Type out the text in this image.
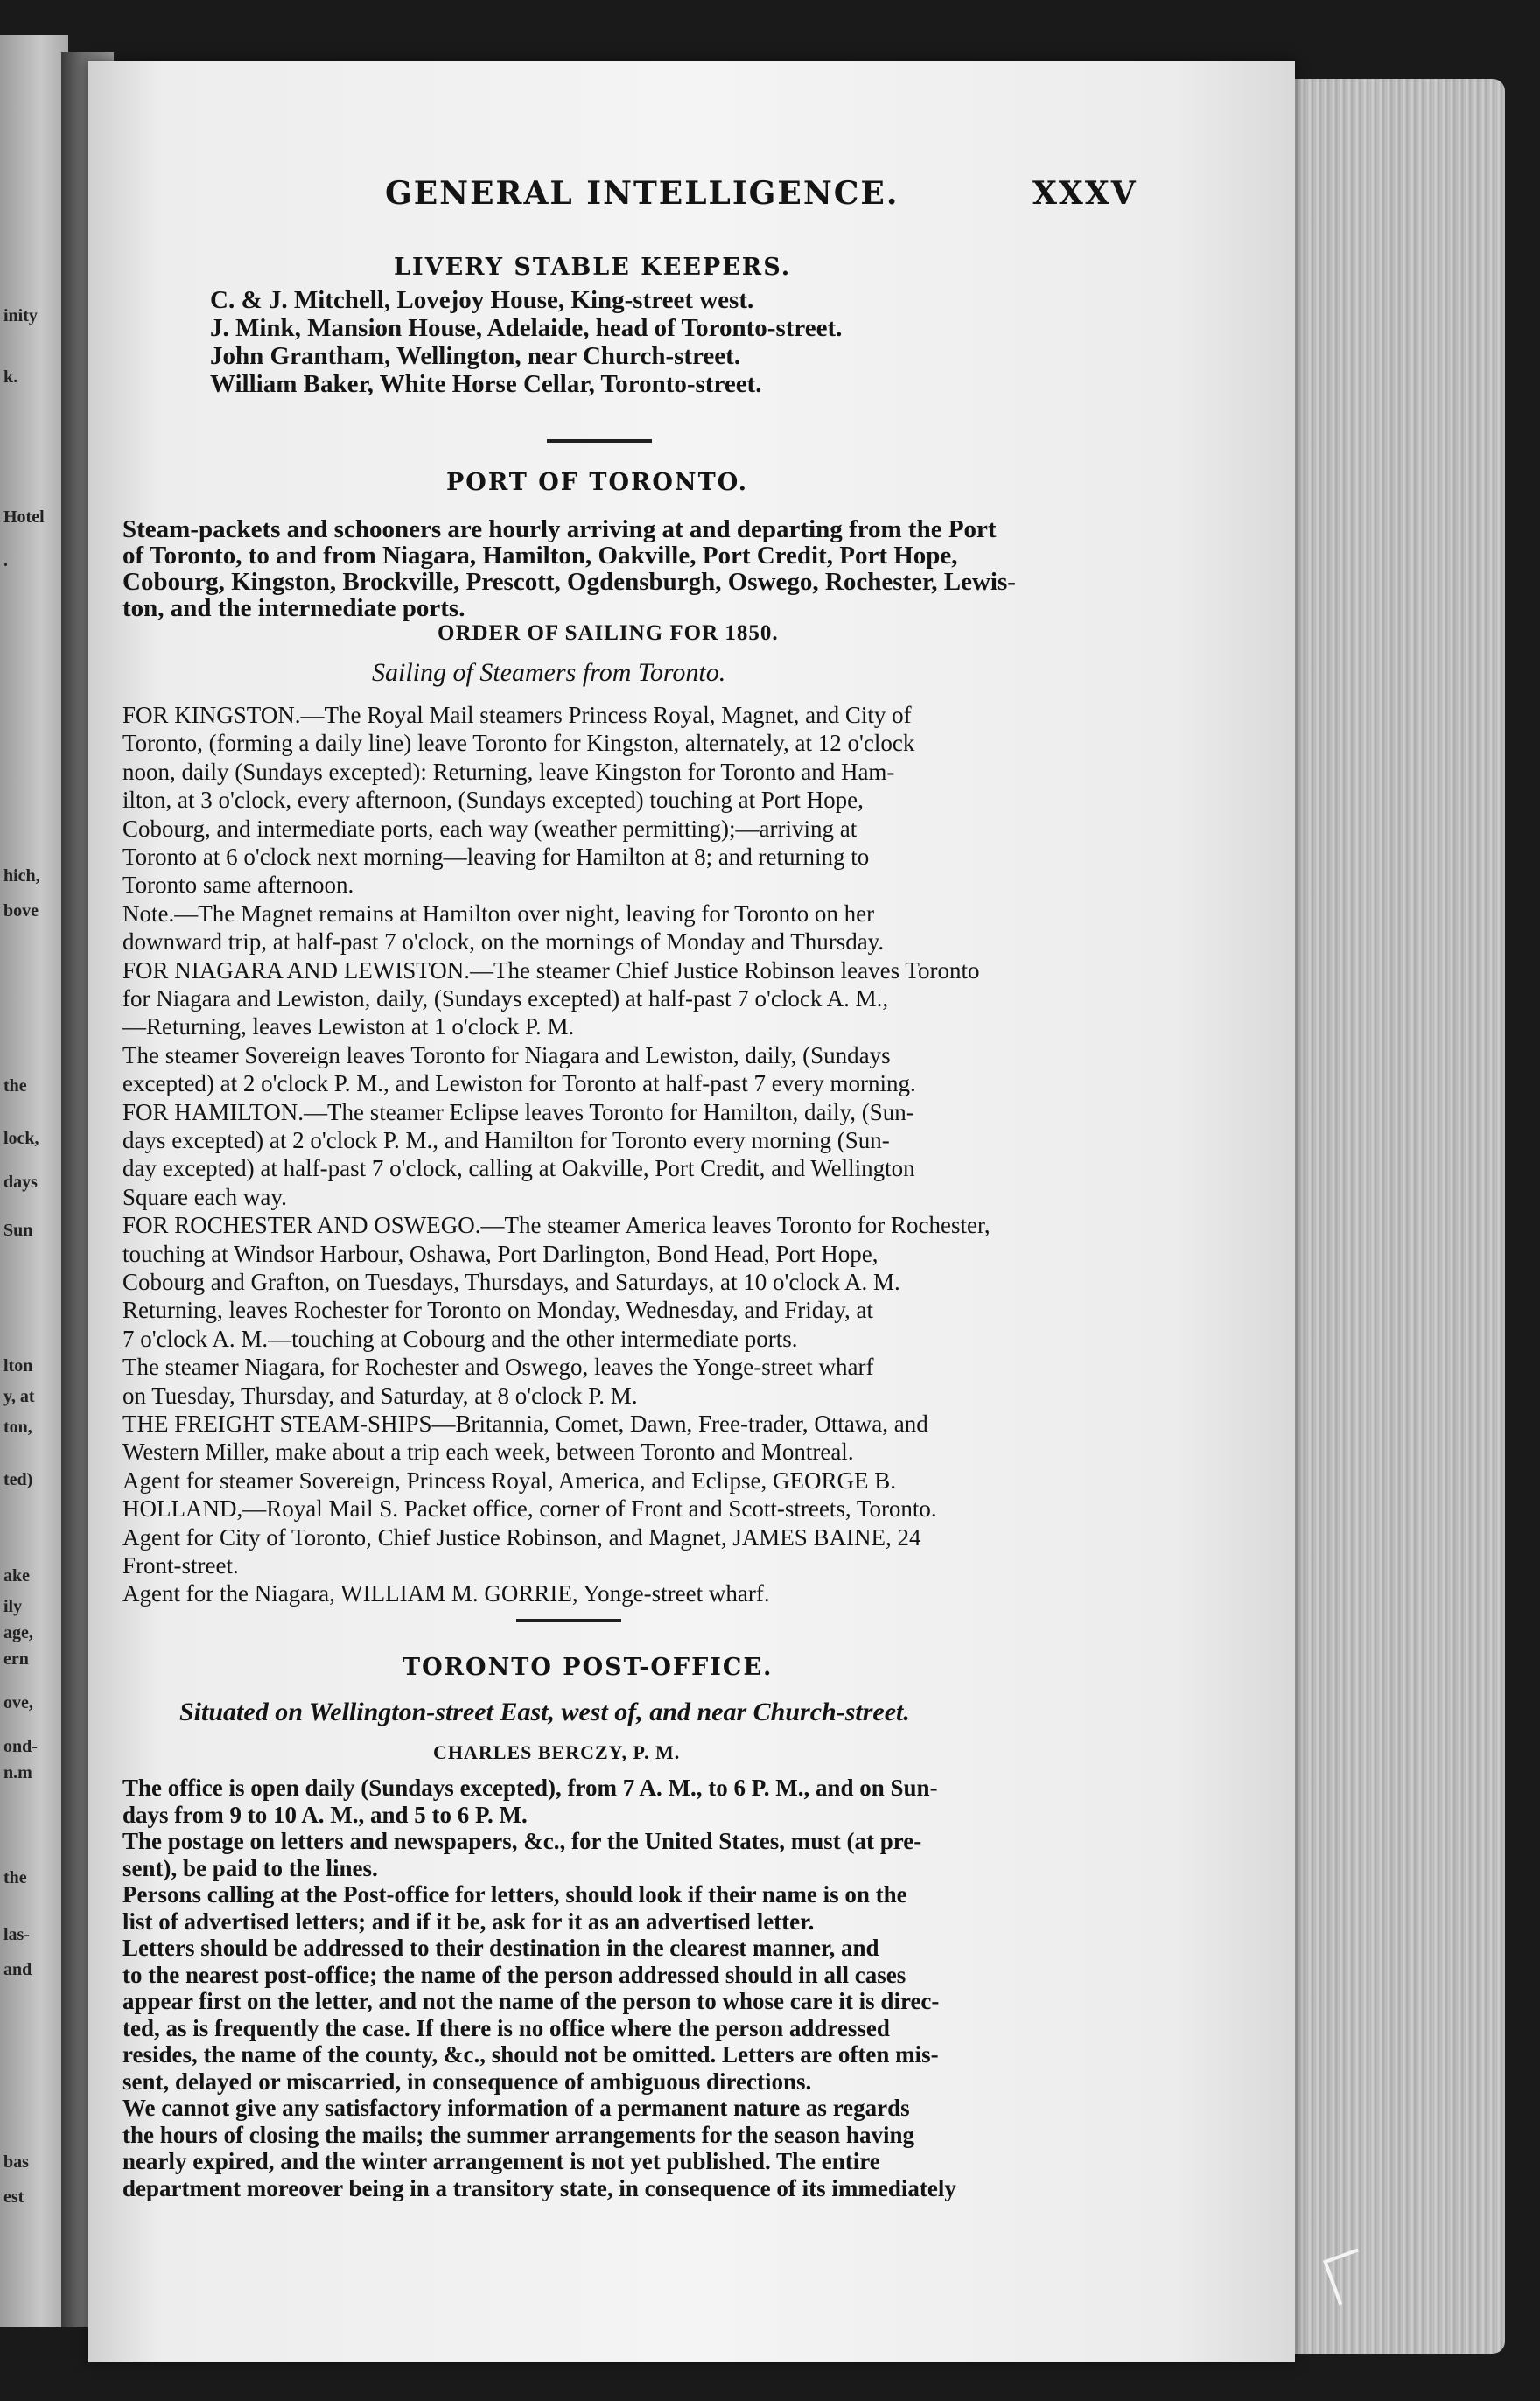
inity
k.
Hotel
.
hich,
bove
the
lock,
days
Sun
lton
y, at
ton,
ted)
ake
ily
age,
ern
ove,
ond-
n.m
the
las-
and
bas
est
GENERAL INTELLIGENCE.	XXXV
LIVERY STABLE KEEPERS.
C. & J. Mitchell, Lovejoy House, King-street west.
J. Mink, Mansion House, Adelaide, head of Toronto-street.
John Grantham, Wellington, near Church-street.
William Baker, White Horse Cellar, Toronto-street.
PORT OF TORONTO.
Steam-packets and schooners are hourly arriving at and departing from the Port
of Toronto, to and from Niagara, Hamilton, Oakville, Port Credit, Port Hope,
Cobourg, Kingston, Brockville, Prescott, Ogdensburgh, Oswego, Rochester, Lewis-
ton, and the intermediate ports.
ORDER OF SAILING FOR 1850.
Sailing of Steamers from Toronto.
FOR KINGSTON.—The Royal Mail steamers Princess Royal, Magnet, and City of
Toronto, (forming a daily line) leave Toronto for Kingston, alternately, at 12 o'clock
noon, daily (Sundays excepted): Returning, leave Kingston for Toronto and Ham-
ilton, at 3 o'clock, every afternoon, (Sundays excepted) touching at Port Hope,
Cobourg, and intermediate ports, each way (weather permitting);—arriving at
Toronto at 6 o'clock next morning—leaving for Hamilton at 8; and returning to
Toronto same afternoon.
Note.—The Magnet remains at Hamilton over night, leaving for Toronto on her
downward trip, at half-past 7 o'clock, on the mornings of Monday and Thursday.
FOR NIAGARA AND LEWISTON.—The steamer Chief Justice Robinson leaves Toronto
for Niagara and Lewiston, daily, (Sundays excepted) at half-past 7 o'clock A. M.,
—Returning, leaves Lewiston at 1 o'clock P. M.
The steamer Sovereign leaves Toronto for Niagara and Lewiston, daily, (Sundays
excepted) at 2 o'clock P. M., and Lewiston for Toronto at half-past 7 every morning.
FOR HAMILTON.—The steamer Eclipse leaves Toronto for Hamilton, daily, (Sun-
days excepted) at 2 o'clock P. M., and Hamilton for Toronto every morning (Sun-
day excepted) at half-past 7 o'clock, calling at Oakville, Port Credit, and Wellington
Square each way.
FOR ROCHESTER AND OSWEGO.—The steamer America leaves Toronto for Rochester,
touching at Windsor Harbour, Oshawa, Port Darlington, Bond Head, Port Hope,
Cobourg and Grafton, on Tuesdays, Thursdays, and Saturdays, at 10 o'clock A. M.
Returning, leaves Rochester for Toronto on Monday, Wednesday, and Friday, at
7 o'clock A. M.—touching at Cobourg and the other intermediate ports.
The steamer Niagara, for Rochester and Oswego, leaves the Yonge-street wharf
on Tuesday, Thursday, and Saturday, at 8 o'clock P. M.
THE FREIGHT STEAM-SHIPS—Britannia, Comet, Dawn, Free-trader, Ottawa, and
Western Miller, make about a trip each week, between Toronto and Montreal.
Agent for steamer Sovereign, Princess Royal, America, and Eclipse, GEORGE B.
HOLLAND,—Royal Mail S. Packet office, corner of Front and Scott-streets, Toronto.
Agent for City of Toronto, Chief Justice Robinson, and Magnet, JAMES BAINE, 24
Front-street.
Agent for the Niagara, WILLIAM M. GORRIE, Yonge-street wharf.
TORONTO POST-OFFICE.
Situated on Wellington-street East, west of, and near Church-street.
CHARLES BERCZY, P. M.
The office is open daily (Sundays excepted), from 7 A. M., to 6 P. M., and on Sun-
days from 9 to 10 A. M., and 5 to 6 P. M.
The postage on letters and newspapers, &c., for the United States, must (at pre-
sent), be paid to the lines.
Persons calling at the Post-office for letters, should look if their name is on the
list of advertised letters; and if it be, ask for it as an advertised letter.
Letters should be addressed to their destination in the clearest manner, and
to the nearest post-office; the name of the person addressed should in all cases
appear first on the letter, and not the name of the person to whose care it is direc-
ted, as is frequently the case. If there is no office where the person addressed
resides, the name of the county, &c., should not be omitted. Letters are often mis-
sent, delayed or miscarried, in consequence of ambiguous directions.
We cannot give any satisfactory information of a permanent nature as regards
the hours of closing the mails; the summer arrangements for the season having
nearly expired, and the winter arrangement is not yet published. The entire
department moreover being in a transitory state, in consequence of its immediately
